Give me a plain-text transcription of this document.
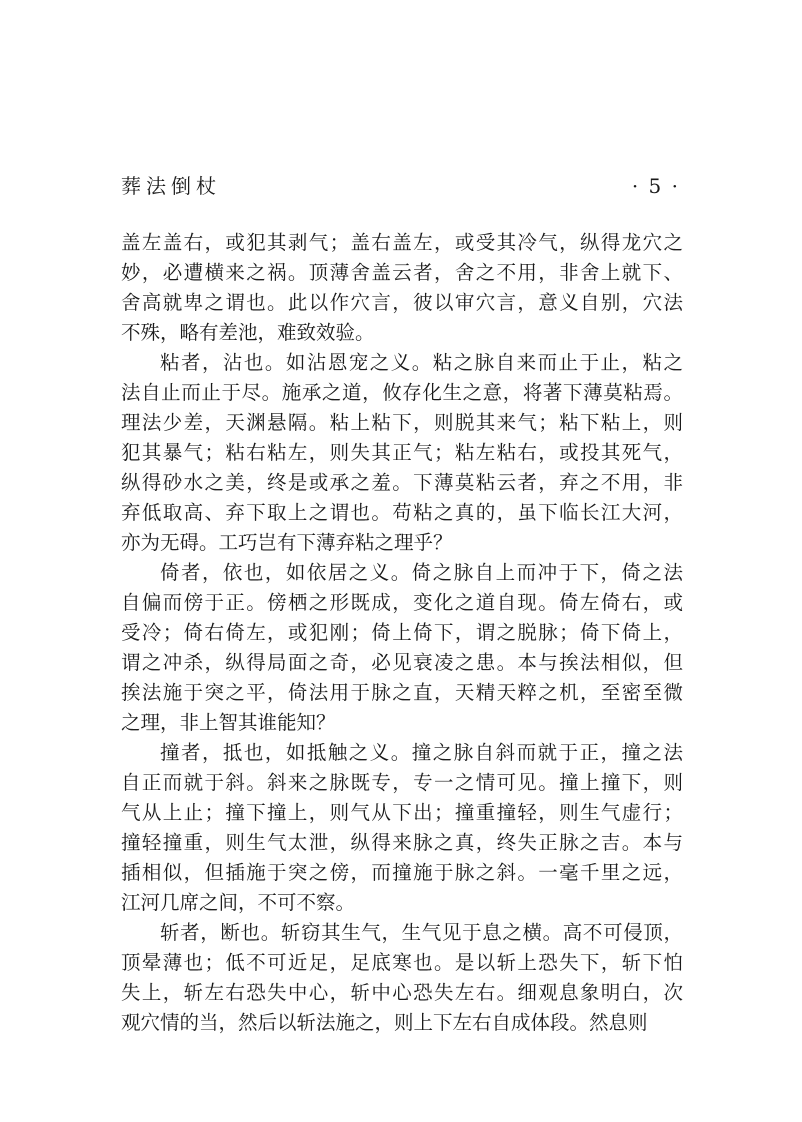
葬法倒杖	· 5 ·
盖左盖右，或犯其剥气；盖右盖左，或受其冷气，纵得龙穴之
妙，必遭横来之祸。顶薄舍盖云者，舍之不用，非舍上就下、
舍高就卑之谓也。此以作穴言，彼以审穴言，意义自别，穴法
不殊，略有差池，难致效验。
粘者，沾也。如沾恩宠之义。粘之脉自来而止于止，粘之
法自止而止于尽。施承之道，攸存化生之意，将著下薄莫粘焉。
理法少差，天渊悬隔。粘上粘下，则脱其来气；粘下粘上，则
犯其暴气；粘右粘左，则失其正气；粘左粘右，或投其死气，
纵得砂水之美，终是或承之羞。下薄莫粘云者，弃之不用，非
弃低取高、弃下取上之谓也。苟粘之真的，虽下临长江大河，
亦为无碍。工巧岂有下薄弃粘之理乎？
倚者，依也，如依居之义。倚之脉自上而冲于下，倚之法
自偏而傍于正。傍栖之形既成，变化之道自现。倚左倚右，或
受冷；倚右倚左，或犯刚；倚上倚下，谓之脱脉；倚下倚上，
谓之冲杀，纵得局面之奇，必见衰凌之患。本与挨法相似，但
挨法施于突之平，倚法用于脉之直，天精天粹之机，至密至微
之理，非上智其谁能知？
撞者，抵也，如抵触之义。撞之脉自斜而就于正，撞之法
自正而就于斜。斜来之脉既专，专一之情可见。撞上撞下，则
气从上止；撞下撞上，则气从下出；撞重撞轻，则生气虚行；
撞轻撞重，则生气太泄，纵得来脉之真，终失正脉之吉。本与
插相似，但插施于突之傍，而撞施于脉之斜。一毫千里之远，
江河几席之间，不可不察。
斩者，断也。斩窃其生气，生气见于息之横。高不可侵顶，
顶晕薄也；低不可近足，足底寒也。是以斩上恐失下，斩下怕
失上，斩左右恐失中心，斩中心恐失左右。细观息象明白，次
观穴情的当，然后以斩法施之，则上下左右自成体段。然息则
